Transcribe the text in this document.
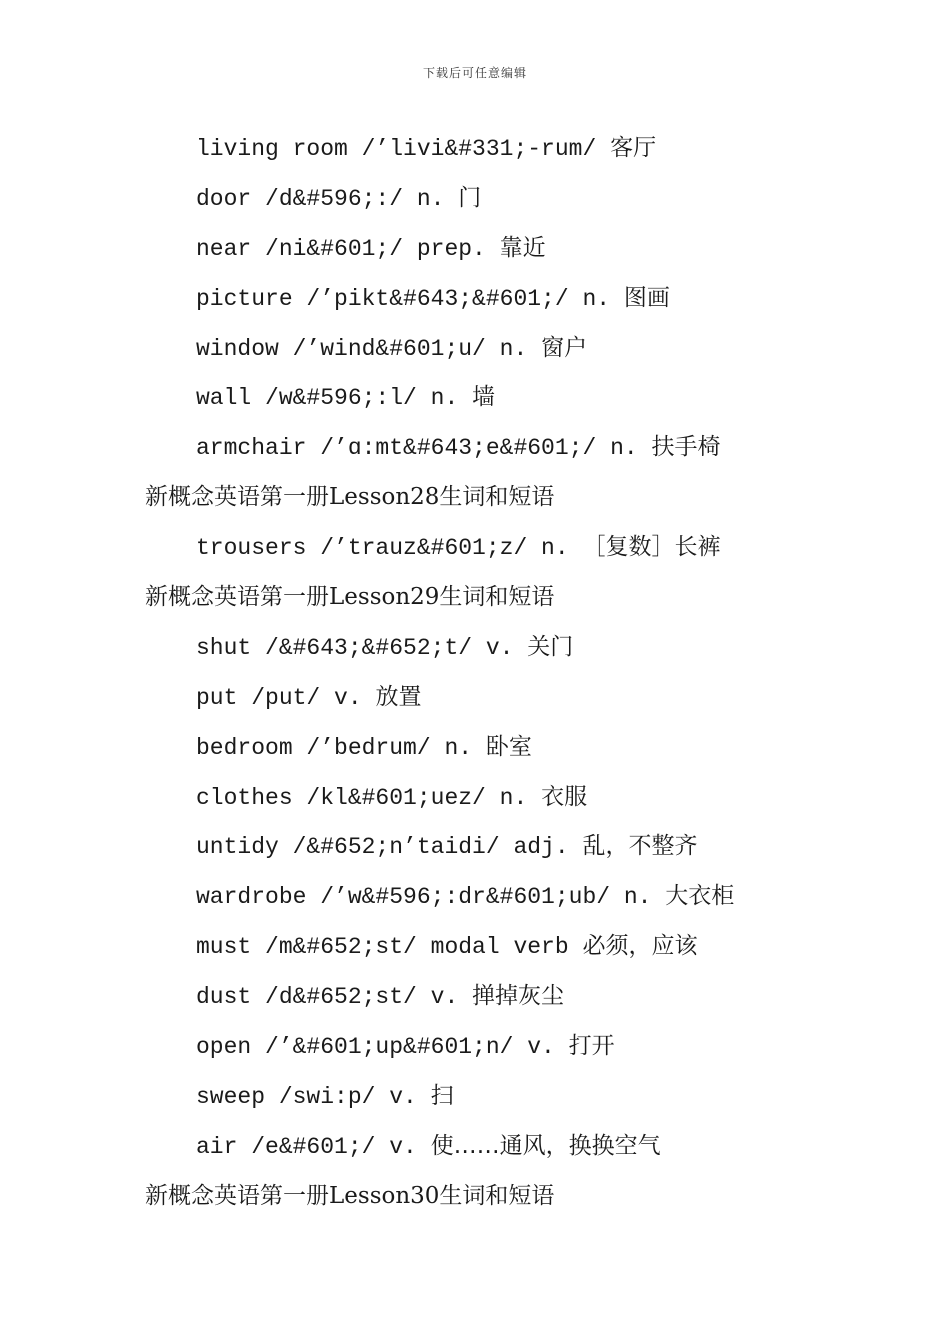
下载后可任意编辑
living room /’livi&#331;-rum/ 客厅
door /d&#596;:/ n. 门
near /ni&#601;/ prep. 靠近
picture /’pikt&#643;&#601;/ n. 图画
window /’wind&#601;u/ n. 窗户
wall /w&#596;:l/ n. 墙
armchair /’ɑ:mt&#643;e&#601;/ n. 扶手椅
新概念英语第一册Lesson28生词和短语
trousers /’trauz&#601;z/ n. ［复数］长裤
新概念英语第一册Lesson29生词和短语
shut /&#643;&#652;t/ v. 关门
put /put/ v. 放置
bedroom /’bedrum/ n. 卧室
clothes /kl&#601;uez/ n. 衣服
untidy /&#652;n’taidi/ adj. 乱，不整齐
wardrobe /’w&#596;:dr&#601;ub/ n. 大衣柜
must /m&#652;st/ modal verb 必须，应该
dust /d&#652;st/ v. 掸掉灰尘
open /’&#601;up&#601;n/ v. 打开
sweep /swi:p/ v. 扫
air /e&#601;/ v. 使……通风，换换空气
新概念英语第一册Lesson30生词和短语
